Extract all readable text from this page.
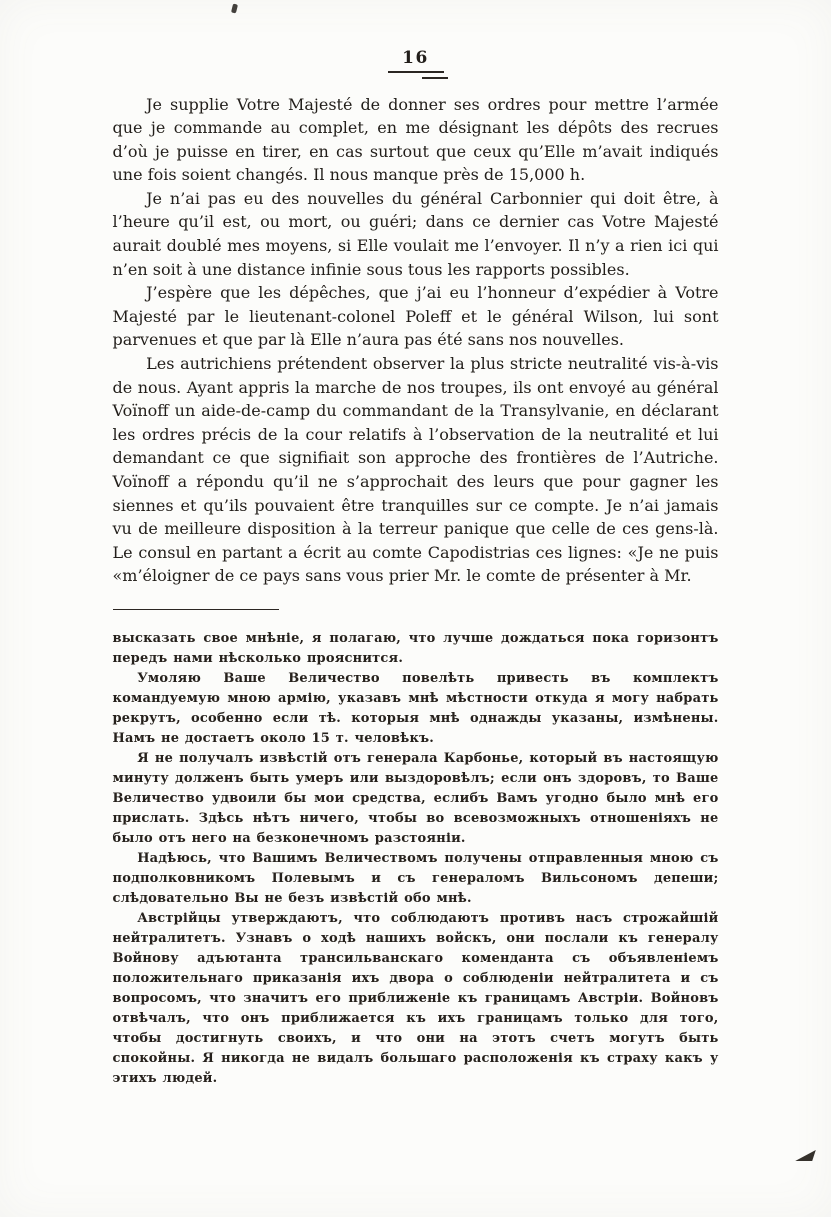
16

Je supplie Votre Majesté de donner ses ordres pour mettre l’armée que je commande au complet, en me désignant les dépôts des recrues d’où je puisse en tirer, en cas surtout que ceux qu’Elle m’avait indiqués une fois soient changés. Il nous manque près de 15,000 h.

Je n’ai pas eu des nouvelles du général Carbonnier qui doit être, à l’heure qu’il est, ou mort, ou guéri; dans ce dernier cas Votre Majesté aurait doublé mes moyens, si Elle voulait me l’envoyer. Il n’y a rien ici qui n’en soit à une distance infinie sous tous les rapports possibles.

J’espère que les dépêches, que j’ai eu l’honneur d’expédier à Votre Majesté par le lieutenant-colonel Poleff et le général Wilson, lui sont parvenues et que par là Elle n’aura pas été sans nos nouvelles.

Les autrichiens prétendent observer la plus stricte neutralité vis-à-vis de nous. Ayant appris la marche de nos troupes, ils ont envoyé au général Voïnoff un aide-de-camp du commandant de la Transylvanie, en déclarant les ordres précis de la cour relatifs à l’observation de la neutralité et lui demandant ce que signifiait son approche des frontières de l’Autriche. Voïnoff a répondu qu’il ne s’approchait des leurs que pour gagner les siennes et qu’ils pouvaient être tranquilles sur ce compte. Je n’ai jamais vu de meilleure disposition à la terreur panique que celle de ces gens-là. Le consul en partant a écrit au comte Capodistrias ces lignes: «Je ne puis «m’éloigner de ce pays sans vous prier Mr. le comte de présenter à Mr.

высказать свое мнѣніе, я полагаю, что лучше дождаться пока горизонтъ передъ нами нѣсколько прояснится.

Умоляю Ваше Величество повелѣть привесть въ комплектъ командуемую мною армію, указавъ мнѣ мѣстности откуда я могу набрать рекрутъ, особенно если тѣ. которыя мнѣ однажды указаны, измѣнены. Намъ не достаетъ около 15 т. человѣкъ.

Я не получалъ извѣстій отъ генерала Карбонье, который въ настоящую минуту долженъ быть умеръ или выздоровѣлъ; если онъ здоровъ, то Ваше Величество удвоили бы мои средства, еслибъ Вамъ угодно было мнѣ его прислать. Здѣсь нѣтъ ничего, чтобы во всевозможныхъ отношеніяхъ не было отъ него на безконечномъ разстояніи.

Надѣюсь, что Вашимъ Величествомъ получены отправленныя мною съ подполковникомъ Полевымъ и съ генераломъ Вильсономъ депеши; слѣдовательно Вы не безъ извѣстій обо мнѣ.

Австрійцы утверждаютъ, что соблюдаютъ противъ насъ строжайшій нейтралитетъ. Узнавъ о ходѣ нашихъ войскъ, они послали къ генералу Войнову адъютанта трансильванскаго коменданта съ объявленіемъ положительнаго приказанія ихъ двора о соблюденіи нейтралитета и съ вопросомъ, что значитъ его приближеніе къ границамъ Австріи. Войновъ отвѣчалъ, что онъ приближается къ ихъ границамъ только для того, чтобы достигнуть своихъ, и что они на этотъ счетъ могутъ быть спокойны. Я никогда не видалъ большаго расположенія къ страху какъ у этихъ людей.
